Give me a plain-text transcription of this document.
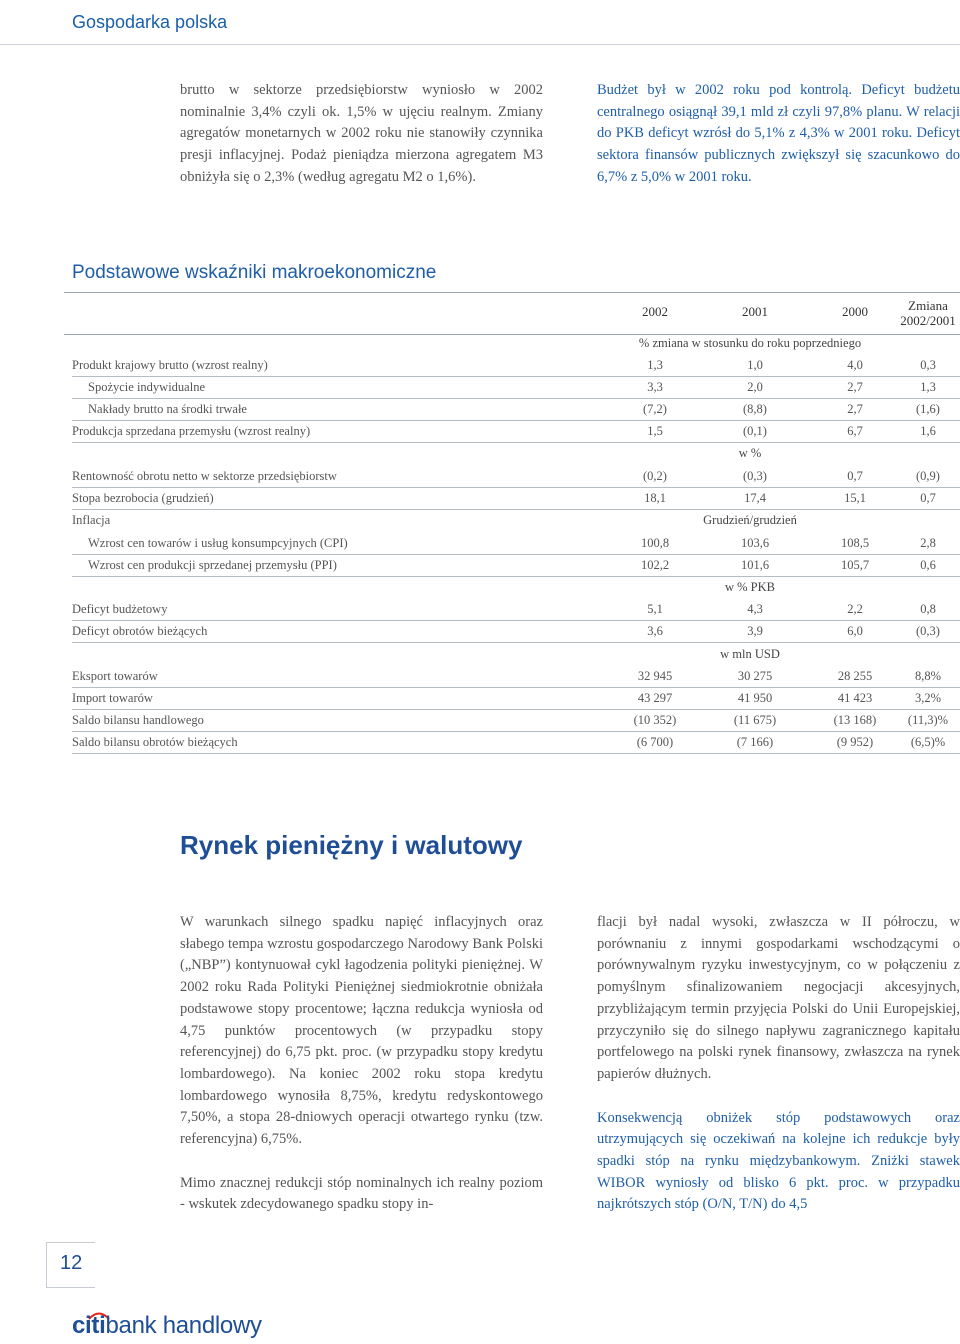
Gospodarka polska

brutto w sektorze przedsiębiorstw wyniosło w 2002 nominalnie 3,4% czyli ok. 1,5% w ujęciu realnym. Zmiany agregatów monetarnych w 2002 roku nie stanowiły czynnika presji inflacyjnej. Podaż pieniądza mierzona agregatem M3 obniżyła się o 2,3% (według agregatu M2 o 1,6%).

Budżet był w 2002 roku pod kontrolą. Deficyt budżetu centralnego osiągnął 39,1 mld zł czyli 97,8% planu. W relacji do PKB deficyt wzrósł do 5,1% z 4,3% w 2001 roku. Deficyt sektora finansów publicznych zwiększył się szacunkowo do 6,7% z 5,0% w 2001 roku.

Podstawowe wskaźniki makroekonomiczne
2002	2001	2000	Zmiana 2002/2001
% zmiana w stosunku do roku poprzedniego
Produkt krajowy brutto (wzrost realny)	1,3	1,0	4,0	0,3
Spożycie indywidualne	3,3	2,0	2,7	1,3
Nakłady brutto na środki trwałe	(7,2)	(8,8)	2,7	(1,6)
Produkcja sprzedana przemysłu (wzrost realny)	1,5	(0,1)	6,7	1,6
w %
Rentowność obrotu netto w sektorze przedsiębiorstw	(0,2)	(0,3)	0,7	(0,9)
Stopa bezrobocia (grudzień)	18,1	17,4	15,1	0,7
Inflacja	Grudzień/grudzień
Wzrost cen towarów i usług konsumpcyjnych (CPI)	100,8	103,6	108,5	2,8
Wzrost cen produkcji sprzedanej przemysłu (PPI)	102,2	101,6	105,7	0,6
w % PKB
Deficyt budżetowy	5,1	4,3	2,2	0,8
Deficyt obrotów bieżących	3,6	3,9	6,0	(0,3)
w mln USD
Eksport towarów	32 945	30 275	28 255	8,8%
Import towarów	43 297	41 950	41 423	3,2%
Saldo bilansu handlowego	(10 352)	(11 675)	(13 168)	(11,3)%
Saldo bilansu obrotów bieżących	(6 700)	(7 166)	(9 952)	(6,5)%
Rynek pieniężny i walutowy

W warunkach silnego spadku napięć inflacyjnych oraz słabego tempa wzrostu gospodarczego Narodowy Bank Polski („NBP”) kontynuował cykl łagodzenia polityki pieniężnej. W 2002 roku Rada Polityki Pieniężnej siedmiokrotnie obniżała podstawowe stopy procentowe; łączna redukcja wyniosła od 4,75 punktów procentowych (w przypadku stopy referencyjnej) do 6,75 pkt. proc. (w przypadku stopy kredytu lombardowego). Na koniec 2002 roku stopa kredytu lombardowego wynosiła 8,75%, kredytu redyskontowego 7,50%, a stopa 28-dniowych operacji otwartego rynku (tzw. referencyjna) 6,75%.

Mimo znacznej redukcji stóp nominalnych ich realny poziom - wskutek zdecydowanego spadku stopy in-

flacji był nadal wysoki, zwłaszcza w II półroczu, w porównaniu z innymi gospodarkami wschodzącymi o porównywalnym ryzyku inwestycyjnym, co w połączeniu z pomyślnym sfinalizowaniem negocjacji akcesyjnych, przybliżającym termin przyjęcia Polski do Unii Europejskiej, przyczyniło się do silnego napływu zagranicznego kapitału portfelowego na polski rynek finansowy, zwłaszcza na rynek papierów dłużnych.

Konsekwencją obniżek stóp podstawowych oraz utrzymujących się oczekiwań na kolejne ich redukcje były spadki stóp na rynku międzybankowym. Zniżki stawek WIBOR wyniosły od blisko 6 pkt. proc. w przypadku najkrótszych stóp (O/N, T/N) do 4,5

12
citibank handlowy
